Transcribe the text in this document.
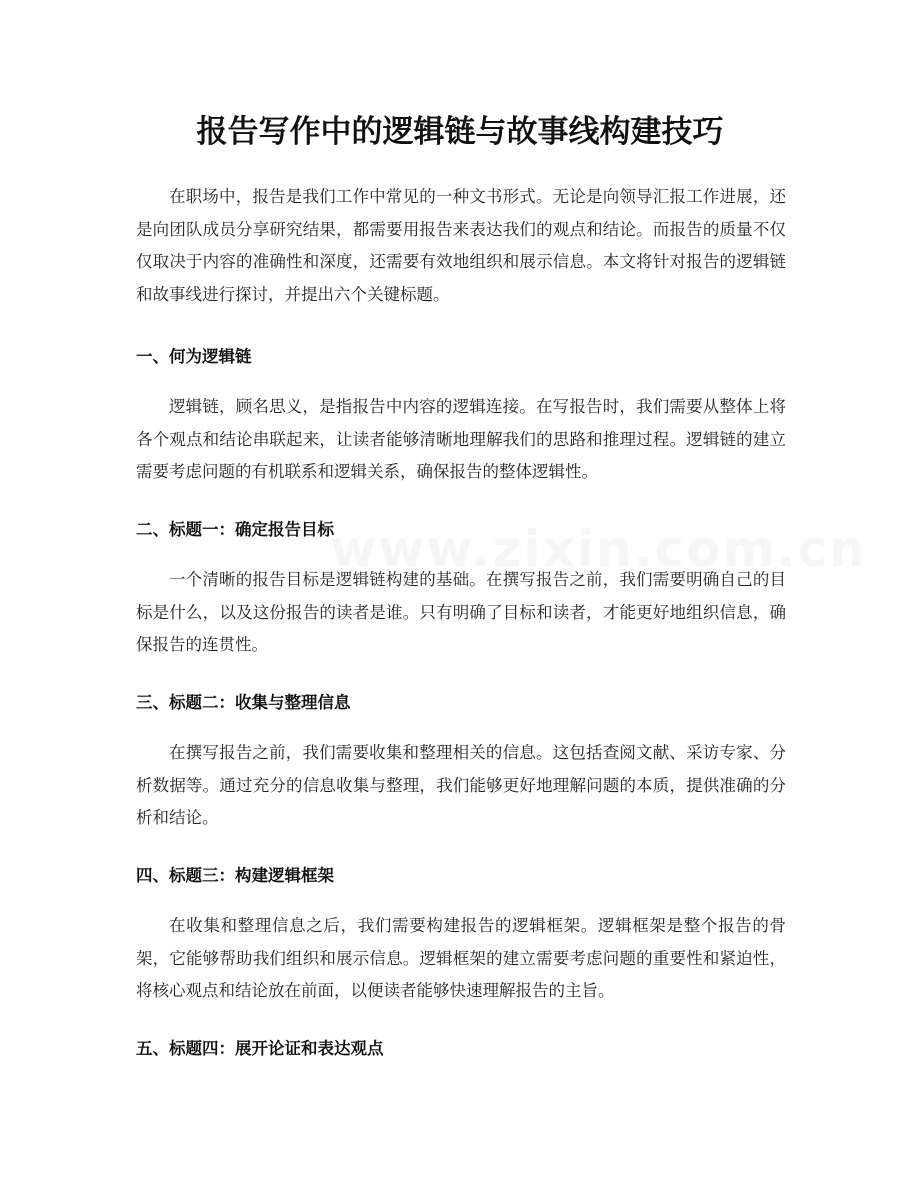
报告写作中的逻辑链与故事线构建技巧

在职场中，报告是我们工作中常见的一种文书形式。无论是向领导汇报工作进展，还是向团队成员分享研究结果，都需要用报告来表达我们的观点和结论。而报告的质量不仅仅取决于内容的准确性和深度，还需要有效地组织和展示信息。本文将针对报告的逻辑链和故事线进行探讨，并提出六个关键标题。

一、何为逻辑链

逻辑链，顾名思义，是指报告中内容的逻辑连接。在写报告时，我们需要从整体上将各个观点和结论串联起来，让读者能够清晰地理解我们的思路和推理过程。逻辑链的建立需要考虑问题的有机联系和逻辑关系，确保报告的整体逻辑性。

二、标题一：确定报告目标

一个清晰的报告目标是逻辑链构建的基础。在撰写报告之前，我们需要明确自己的目标是什么，以及这份报告的读者是谁。只有明确了目标和读者，才能更好地组织信息，确保报告的连贯性。

三、标题二：收集与整理信息

在撰写报告之前，我们需要收集和整理相关的信息。这包括查阅文献、采访专家、分析数据等。通过充分的信息收集与整理，我们能够更好地理解问题的本质，提供准确的分析和结论。

四、标题三：构建逻辑框架

在收集和整理信息之后，我们需要构建报告的逻辑框架。逻辑框架是整个报告的骨架，它能够帮助我们组织和展示信息。逻辑框架的建立需要考虑问题的重要性和紧迫性，将核心观点和结论放在前面，以便读者能够快速理解报告的主旨。

五、标题四：展开论证和表达观点
